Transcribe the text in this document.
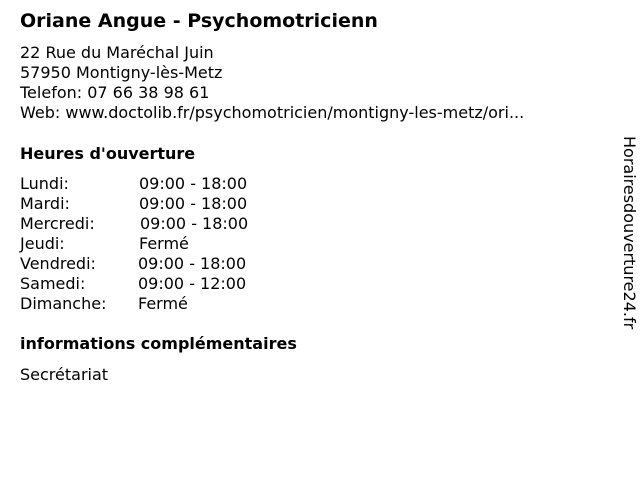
Oriane Angue - Psychomotricienn
22 Rue du Maréchal Juin
57950 Montigny-lès-Metz
Telefon: 07 66 38 98 61
Web: www.doctolib.fr/psychomotricien/montigny-les-metz/ori...
Heures d'ouverture
Lundi:	09:00 - 18:00
Mardi:	09:00 - 18:00
Mercredi:	09:00 - 18:00
Jeudi:	Fermé
Vendredi:	09:00 - 18:00
Samedi:	09:00 - 12:00
Dimanche: Fermé
informations complémentaires
Secrétariat
Horairesdouverture24.fr
